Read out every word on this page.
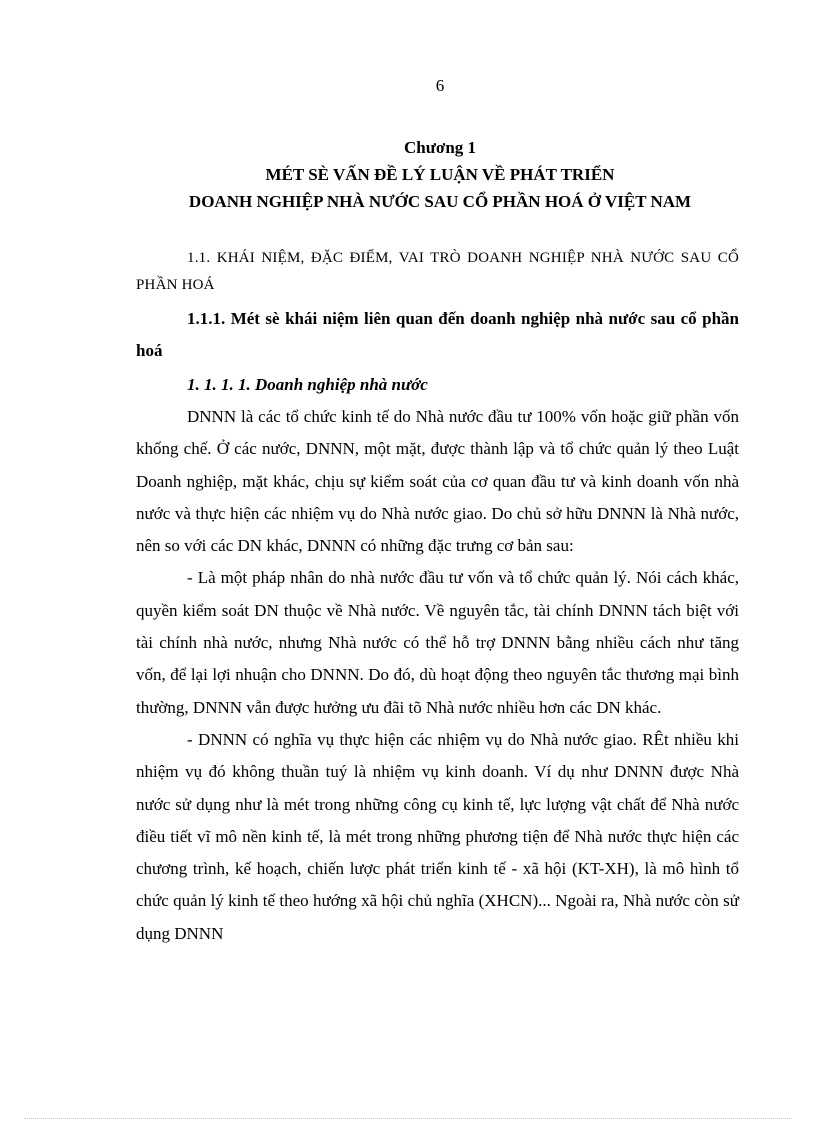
6
Chương 1
MÉT SÈ VẤN ĐỀ LÝ LUẬN VỀ PHÁT TRIỂN
DOANH NGHIỆP NHÀ NƯỚC SAU CỔ PHẦN HOÁ Ở VIỆT NAM

1.1. KHÁI NIỆM, ĐẶC ĐIỂM, VAI TRÒ DOANH NGHIỆP NHÀ NƯỚC SAU CỔ PHẦN HOÁ

1.1.1. Mét sè khái niệm liên quan đến doanh nghiệp nhà nước sau cổ phần hoá

1. 1. 1. 1. Doanh nghiệp nhà nước

DNNN là các tổ chức kinh tế do Nhà nước đầu tư 100% vốn hoặc giữ phần vốn khống chế. Ở các nước, DNNN, một mặt, được thành lập và tổ chức quản lý theo Luật Doanh nghiệp, mặt khác, chịu sự kiểm soát của cơ quan đầu tư và kinh doanh vốn nhà nước và thực hiện các nhiệm vụ do Nhà nước giao. Do chủ sở hữu DNNN là Nhà nước, nên so với các DN khác, DNNN có những đặc trưng cơ bản sau:

- Là một pháp nhân do nhà nước đầu tư vốn và tổ chức quản lý. Nói cách khác, quyền kiểm soát DN thuộc về Nhà nước. Về nguyên tắc, tài chính DNNN tách biệt với tài chính nhà nước, nhưng Nhà nước có thể hỗ trợ DNNN bằng nhiều cách như tăng vốn, để lại lợi nhuận cho DNNN. Do đó, dù hoạt động theo nguyên tắc thương mại bình thường, DNNN vẫn được hưởng ưu đãi tõ Nhà nước nhiều hơn các DN khác.

- DNNN có nghĩa vụ thực hiện các nhiệm vụ do Nhà nước giao. RÊt nhiều khi nhiệm vụ đó không thuần tuý là nhiệm vụ kinh doanh. Ví dụ như DNNN được Nhà nước sử dụng như là mét trong những công cụ kinh tế, lực lượng vật chất để Nhà nước điều tiết vĩ mô nền kinh tế, là mét trong những phương tiện để Nhà nước thực hiện các chương trình, kế hoạch, chiến lược phát triển kinh tế - xã hội (KT-XH), là mô hình tổ chức quản lý kinh tế theo hướng xã hội chủ nghĩa (XHCN)... Ngoài ra, Nhà nước còn sử dụng DNNN
